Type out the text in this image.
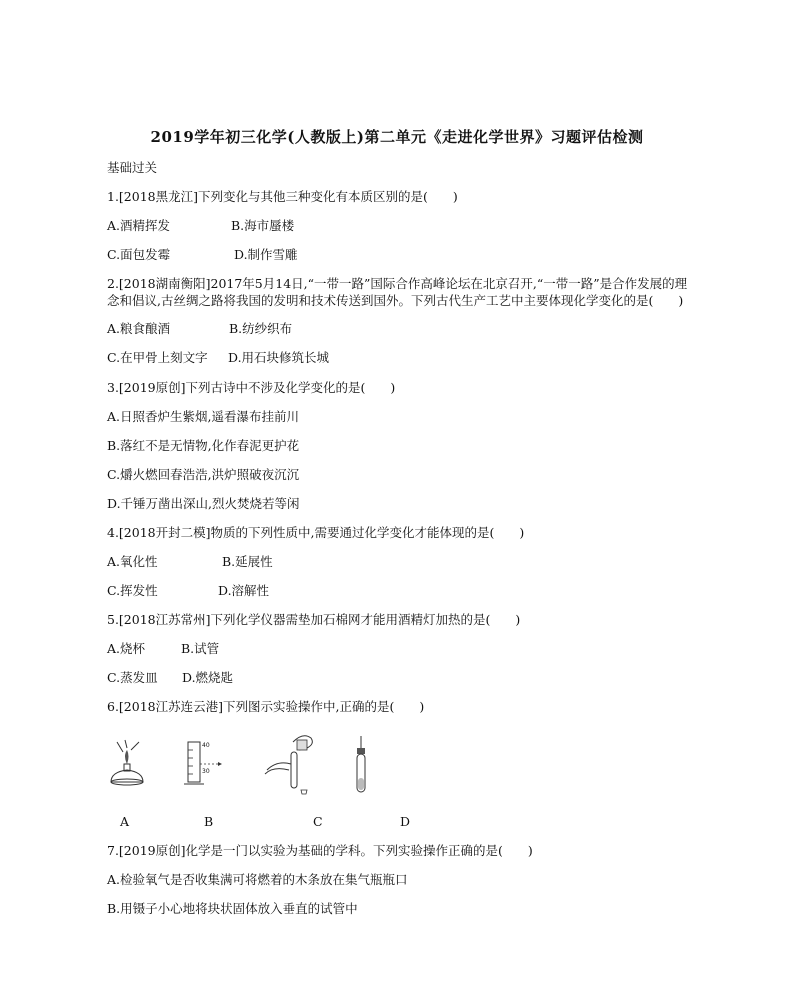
2019学年初三化学(人教版上)第二单元《走进化学世界》习题评估检测
基础过关
1.[2018黑龙江]下列变化与其他三种变化有本质区别的是(　　)
A.酒精挥发	B.海市蜃楼
C.面包发霉	D.制作雪雕
2.[2018湖南衡阳]2017年5月14日,“一带一路”国际合作高峰论坛在北京召开,“一带一路”是合作发展的理
念和倡议,古丝绸之路将我国的发明和技术传送到国外。下列古代生产工艺中主要体现化学变化的是(　　)
A.粮食酿酒	B.纺纱织布
C.在甲骨上刻文字 D.用石块修筑长城
3.[2019原创]下列古诗中不涉及化学变化的是(　　)
A.日照香炉生紫烟,遥看瀑布挂前川
B.落红不是无情物,化作春泥更护花
C.爝火燃回春浩浩,洪炉照破夜沉沉
D.千锤万凿出深山,烈火焚烧若等闲
4.[2018开封二模]物质的下列性质中,需要通过化学变化才能体现的是(　　)
A.氧化性	B.延展性
C.挥发性	D.溶解性
5.[2018江苏常州]下列化学仪器需垫加石棉网才能用酒精灯加热的是(　　)
A.烧杯	B.试管
C.蒸发皿 D.燃烧匙
6.[2018江苏连云港]下列图示实验操作中,正确的是(　　)
40
30
A	B	C	D
7.[2019原创]化学是一门以实验为基础的学科。下列实验操作正确的是(　　)
A.检验氧气是否收集满可将燃着的木条放在集气瓶瓶口
B.用镊子小心地将块状固体放入垂直的试管中
